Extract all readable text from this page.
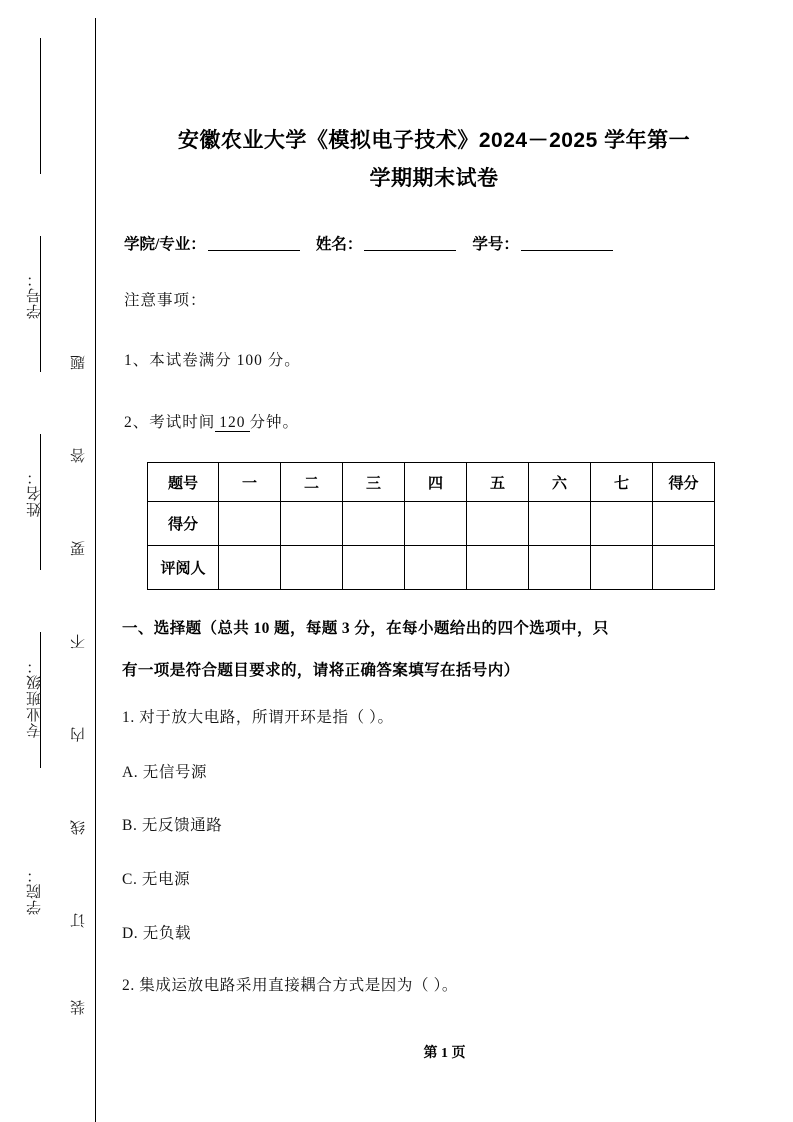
学号：
姓名：
专业班级：
学院：
题
答
要
不
内
线
订
装
安徽农业大学《模拟电子技术》2024－2025 学年第一
学期期末试卷
学院/专业：	姓名：	学号：
注意事项：
1、本试卷满分 100 分。
2、考试时间 120 分钟。
题号	一	二	三	四	五	六	七	得分
得分								
评阅人								
一、选择题（总共 10 题，每题 3 分，在每小题给出的四个选项中，只
有一项是符合题目要求的，请将正确答案填写在括号内）
1. 对于放大电路，所谓开环是指（ ）。
A. 无信号源
B. 无反馈通路
C. 无电源
D. 无负载
2. 集成运放电路采用直接耦合方式是因为（ ）。
第 1 页
